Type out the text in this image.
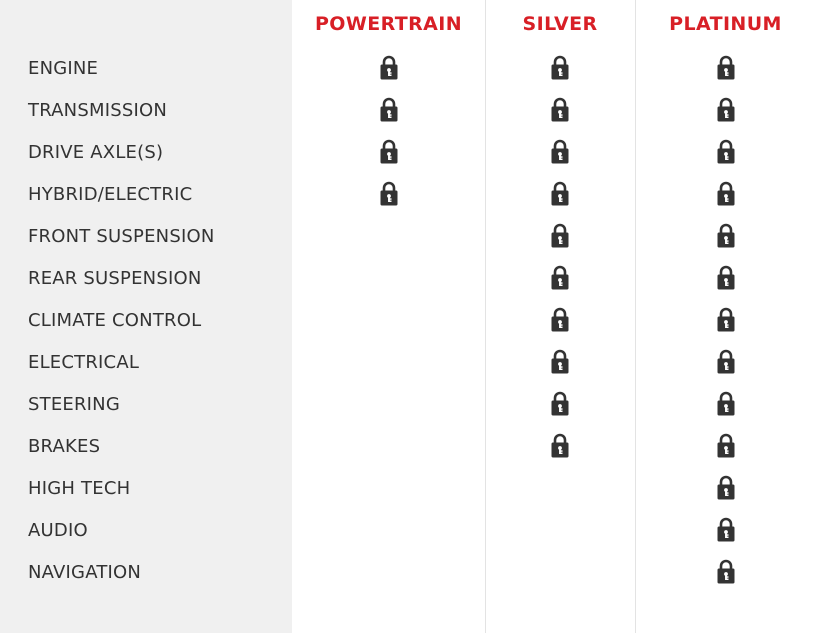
POWERTRAIN	SILVER	PLATINUM
ENGINE
TRANSMISSION
DRIVE AXLE(S)
HYBRID/ELECTRIC
FRONT SUSPENSION
REAR SUSPENSION
CLIMATE CONTROL
ELECTRICAL
STEERING
BRAKES
HIGH TECH
AUDIO
NAVIGATION
